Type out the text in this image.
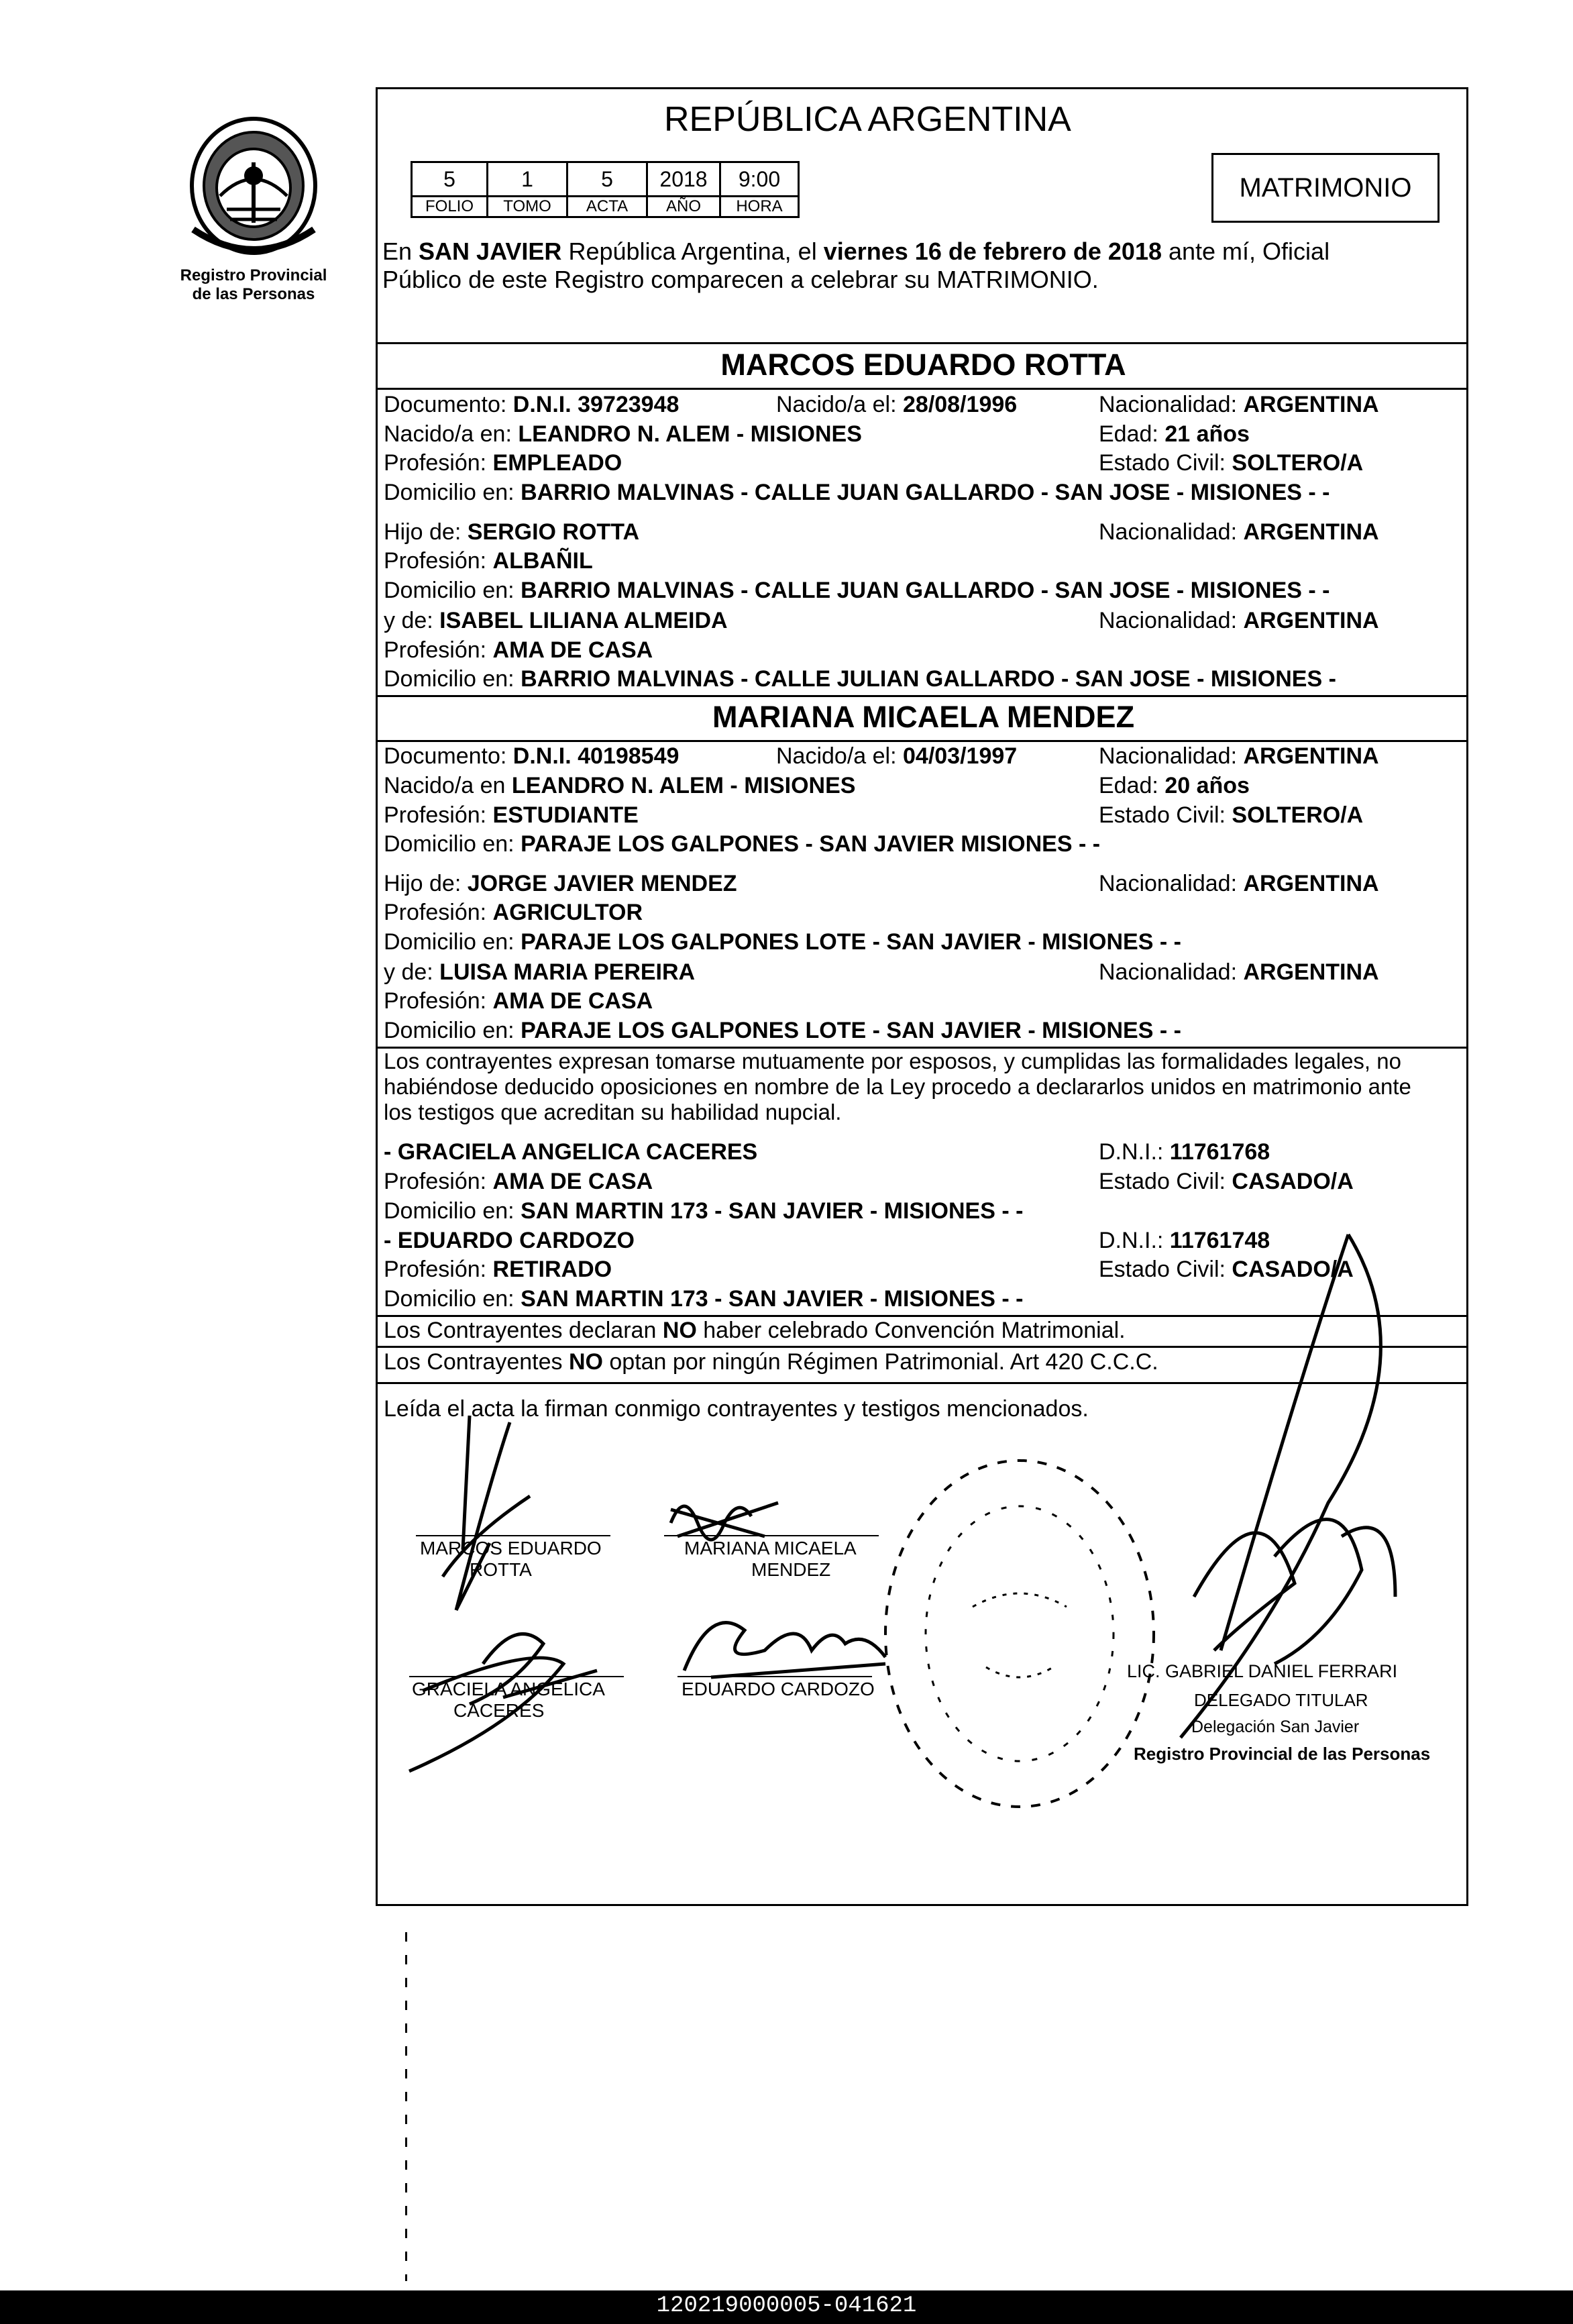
Registro Provincial
de las Personas
REPÚBLICA ARGENTINA
5	1	5	2018	9:00
FOLIO	TOMO	ACTA	AÑO	HORA
MATRIMONIO
En SAN JAVIER República Argentina, el viernes 16 de febrero de 2018 ante mí, Oficial
Público de este Registro comparecen a celebrar su MATRIMONIO.
MARCOS EDUARDO ROTTA
Documento: D.N.I. 39723948	Nacido/a el: 28/08/1996	Nacionalidad: ARGENTINA
Nacido/a en: LEANDRO N. ALEM - MISIONES	Edad: 21 años
Profesión: EMPLEADO	Estado Civil: SOLTERO/A
Domicilio en: BARRIO MALVINAS - CALLE JUAN GALLARDO - SAN JOSE - MISIONES - -
Hijo de: SERGIO ROTTA	Nacionalidad: ARGENTINA
Profesión: ALBAÑIL
Domicilio en: BARRIO MALVINAS - CALLE JUAN GALLARDO - SAN JOSE - MISIONES - -
y de: ISABEL LILIANA ALMEIDA	Nacionalidad: ARGENTINA
Profesión: AMA DE CASA
Domicilio en: BARRIO MALVINAS - CALLE JULIAN GALLARDO - SAN JOSE - MISIONES -
MARIANA MICAELA MENDEZ
Documento: D.N.I. 40198549	Nacido/a el: 04/03/1997	Nacionalidad: ARGENTINA
Nacido/a en LEANDRO N. ALEM - MISIONES	Edad: 20 años
Profesión: ESTUDIANTE	Estado Civil: SOLTERO/A
Domicilio en: PARAJE LOS GALPONES - SAN JAVIER MISIONES - -
Hijo de: JORGE JAVIER MENDEZ	Nacionalidad: ARGENTINA
Profesión: AGRICULTOR
Domicilio en: PARAJE LOS GALPONES LOTE - SAN JAVIER - MISIONES - -
y de: LUISA MARIA PEREIRA	Nacionalidad: ARGENTINA
Profesión: AMA DE CASA
Domicilio en: PARAJE LOS GALPONES LOTE - SAN JAVIER - MISIONES - -
Los contrayentes expresan tomarse mutuamente por esposos, y cumplidas las formalidades legales, no
habiéndose deducido oposiciones en nombre de la Ley procedo a declararlos unidos en matrimonio ante
los testigos que acreditan su habilidad nupcial.
- GRACIELA ANGELICA CACERES	D.N.I.: 11761768
Profesión: AMA DE CASA	Estado Civil: CASADO/A
Domicilio en: SAN MARTIN 173 - SAN JAVIER - MISIONES - -
- EDUARDO CARDOZO	D.N.I.: 11761748
Profesión: RETIRADO	Estado Civil: CASADO/A
Domicilio en: SAN MARTIN 173 - SAN JAVIER - MISIONES - -
Los Contrayentes declaran NO haber celebrado Convención Matrimonial.
Los Contrayentes NO optan por ningún Régimen Patrimonial. Art 420 C.C.C.
Leída el acta la firman conmigo contrayentes y testigos mencionados.
MARCOS EDUARDO
ROTTA
MARIANA MICAELA
MENDEZ
GRACIELA ANGELICA
CACERES
EDUARDO CARDOZO
LIC. GABRIEL DANIEL FERRARI
DELEGADO TITULAR
Delegación San Javier
Registro Provincial de las Personas
120219000005-041621
